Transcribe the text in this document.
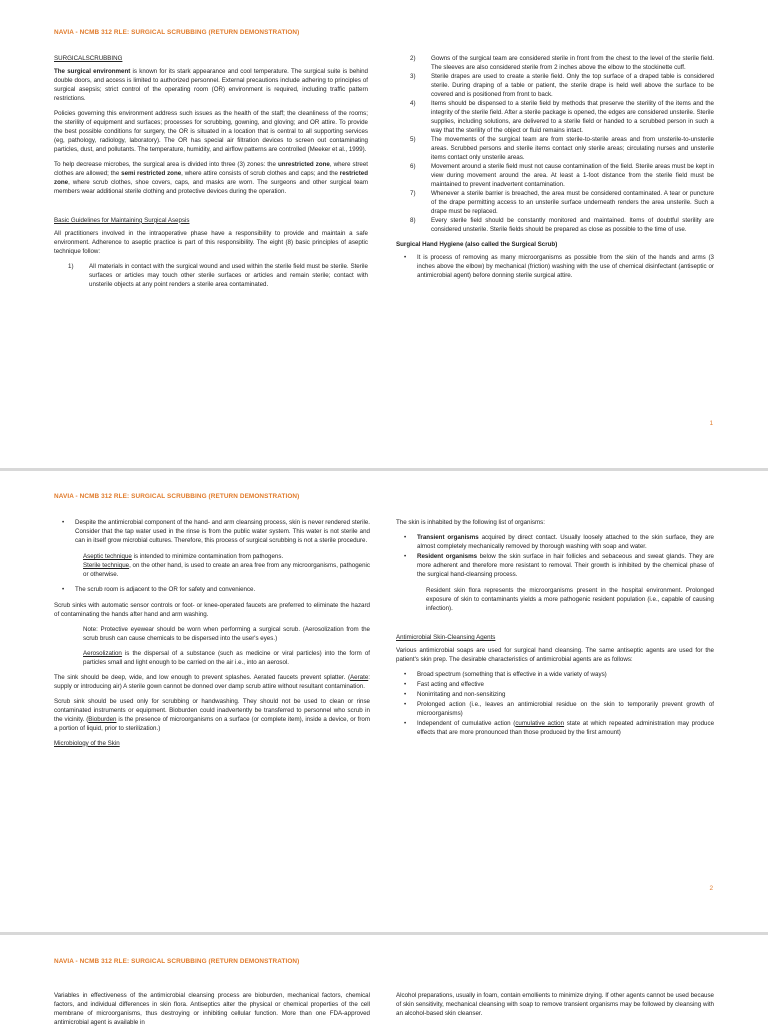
NAVIA - NCMB 312 RLE: SURGICAL SCRUBBING (RETURN DEMONSTRATION)

SURGICALSCRUBBING

The surgical environment is known for its stark appearance and cool temperature. The surgical suite is behind double doors, and access is limited to authorized personnel. External precautions include adhering to principles of surgical asepsis; strict control of the operating room (OR) environment is required, including traffic pattern restrictions.

Policies governing this environment address such issues as the health of the staff; the cleanliness of the rooms; the sterility of equipment and surfaces; processes for scrubbing, gowning, and gloving; and OR attire. To provide the best possible conditions for surgery, the OR is situated in a location that is central to all supporting services (eg, pathology, radiology, laboratory). The OR has special air filtration devices to screen out contaminating particles, dust, and pollutants. The temperature, humidity, and airflow patterns are controlled (Meeker et al., 1999).

To help decrease microbes, the surgical area is divided into three (3) zones: the unrestricted zone, where street clothes are allowed; the semi restricted zone, where attire consists of scrub clothes and caps; and the restricted zone, where scrub clothes, shoe covers, caps, and masks are worn. The surgeons and other surgical team members wear additional sterile clothing and protective devices during the operation.

Basic Guidelines for Maintaining Surgical Asepsis

All practitioners involved in the intraoperative phase have a responsibility to provide and maintain a safe environment. Adherence to aseptic practice is part of this responsibility. The eight (8) basic principles of aseptic technique follow:

1) All materials in contact with the surgical wound and used within the sterile field must be sterile. Sterile surfaces or articles may touch other sterile surfaces or articles and remain sterile; contact with unsterile objects at any point renders a sterile area contaminated.
2) Gowns of the surgical team are considered sterile in front from the chest to the level of the sterile field. The sleeves are also considered sterile from 2 inches above the elbow to the stockinette cuff.
3) Sterile drapes are used to create a sterile field. Only the top surface of a draped table is considered sterile. During draping of a table or patient, the sterile drape is held well above the surface to be covered and is positioned from front to back.
4) Items should be dispensed to a sterile field by methods that preserve the sterility of the items and the integrity of the sterile field. After a sterile package is opened, the edges are considered unsterile. Sterile supplies, including solutions, are delivered to a sterile field or handed to a scrubbed person in such a way that the sterility of the object or fluid remains intact.
5) The movements of the surgical team are from sterile-to-sterile areas and from unsterile-to-unsterile areas. Scrubbed persons and sterile items contact only sterile areas; circulating nurses and unsterile items contact only unsterile areas.
6) Movement around a sterile field must not cause contamination of the field. Sterile areas must be kept in view during movement around the area. At least a 1-foot distance from the sterile field must be maintained to prevent inadvertent contamination.
7) Whenever a sterile barrier is breached, the area must be considered contaminated. A tear or puncture of the drape permitting access to an unsterile surface underneath renders the area unsterile. Such a drape must be replaced.
8) Every sterile field should be constantly monitored and maintained. Items of doubtful sterility are considered unsterile. Sterile fields should be prepared as close as possible to the time of use.

Surgical Hand Hygiene (also called the Surgical Scrub)

• It is process of removing as many microorganisms as possible from the skin of the hands and arms (3 inches above the elbow) by mechanical (friction) washing with the use of chemical disinfectant (antiseptic or antimicrobial agent) before donning sterile surgical attire.
1
NAVIA - NCMB 312 RLE: SURGICAL SCRUBBING (RETURN DEMONSTRATION)
• Despite the antimicrobial component of the hand- and arm cleansing process, skin is never rendered sterile. Consider that the tap water used in the rinse is from the public water system. This water is not sterile and can in itself grow microbial cultures. Therefore, this process of surgical scrubbing is not a sterile procedure.
Aseptic technique is intended to minimize contamination from pathogens.
Sterile technique, on the other hand, is used to create an area free from any microorganisms, pathogenic or otherwise.
• The scrub room is adjacent to the OR for safety and convenience.

Scrub sinks with automatic sensor controls or foot- or knee-operated faucets are preferred to eliminate the hazard of contaminating the hands after hand and arm washing.

Note: Protective eyewear should be worn when performing a surgical scrub. (Aerosolization from the scrub brush can cause chemicals to be dispersed into the user's eyes.)

Aerosolization is the dispersal of a substance (such as medicine or viral particles) into the form of particles small and light enough to be carried on the air i.e., into an aerosol.

The sink should be deep, wide, and low enough to prevent splashes. Aerated faucets prevent splatter. (Aerate: supply or introducing air) A sterile gown cannot be donned over damp scrub attire without resultant contamination.

Scrub sink should be used only for scrubbing or handwashing. They should not be used to clean or rinse contaminated instruments or equipment. Bioburden could inadvertently be transferred to personnel who scrub in the vicinity. (Bioburden is the presence of microorganisms on a surface (or complete item), inside a device, or from a portion of liquid, prior to sterilization.)

Microbiology of the Skin

The skin is inhabited by the following list of organisms:

• Transient organisms acquired by direct contact. Usually loosely attached to the skin surface, they are almost completely mechanically removed by thorough washing with soap and water.
• Resident organisms below the skin surface in hair follicles and sebaceous and sweat glands. They are more adherent and therefore more resistant to removal. Their growth is inhibited by the chemical phase of the surgical hand-cleansing process.

Resident skin flora represents the microorganisms present in the hospital environment. Prolonged exposure of skin to contaminants yields a more pathogenic resident population (i.e., capable of causing infection).

Antimicrobial Skin-Cleansing Agents

Various antimicrobial soaps are used for surgical hand cleansing. The same antiseptic agents are used for the patient's skin prep. The desirable characteristics of antimicrobial agents are as follows:

• Broad spectrum (something that is effective in a wide variety of ways)
• Fast acting and effective
• Nonirritating and non-sensitizing
• Prolonged action (i.e., leaves an antimicrobial residue on the skin to temporarily prevent growth of microorganisms)
• Independent of cumulative action (cumulative action state at which repeated administration may produce effects that are more pronounced than those produced by the first amount)
2
NAVIA - NCMB 312 RLE: SURGICAL SCRUBBING (RETURN DEMONSTRATION)

Variables in effectiveness of the antimicrobial cleansing process are bioburden, mechanical factors, chemical factors, and individual differences in skin flora. Antiseptics alter the physical or chemical properties of the cell membrane of microorganisms, thus destroying or inhibiting cellular function. More than one FDA-approved antimicrobial agent is available in

Alcohol preparations, usually in foam, contain emollients to minimize drying. If other agents cannot be used because of skin sensitivity, mechanical cleansing with soap to remove transient organisms may be followed by cleansing with an alcohol-based skin cleanser.
